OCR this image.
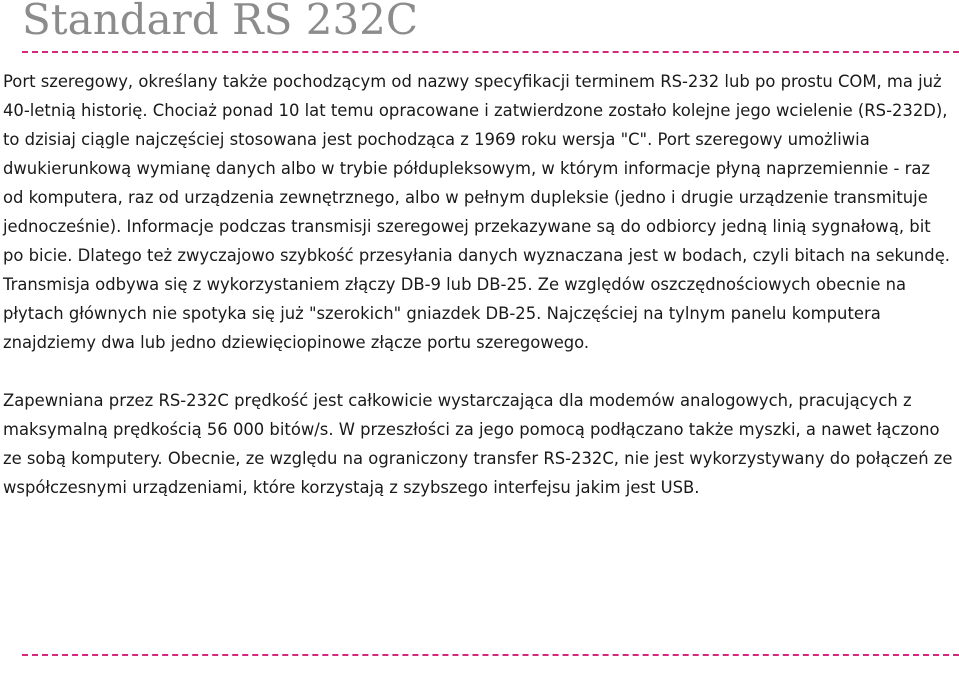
Standard RS 232C

Port szeregowy, określany także pochodzącym od nazwy specyfikacji terminem RS-232 lub po prostu COM, ma już 40-letnią historię. Chociaż ponad 10 lat temu opracowane i zatwierdzone zostało kolejne jego wcielenie (RS-232D), to dzisiaj ciągle najczęściej stosowana jest pochodząca z 1969 roku wersja "C". Port szeregowy umożliwia dwukierunkową wymianę danych albo w trybie półdupleksowym, w którym informacje płyną naprzemiennie - raz od komputera, raz od urządzenia zewnętrznego, albo w pełnym dupleksie (jedno i drugie urządzenie transmituje jednocześnie). Informacje podczas transmisji szeregowej przekazywane są do odbiorcy jedną linią sygnałową, bit po bicie. Dlatego też zwyczajowo szybkość przesyłania danych wyznaczana jest w bodach, czyli bitach na sekundę. Transmisja odbywa się z wykorzystaniem złączy DB-9 lub DB-25. Ze względów oszczędnościowych obecnie na płytach głównych nie spotyka się już "szerokich" gniazdek DB-25. Najczęściej na tylnym panelu komputera znajdziemy dwa lub jedno dziewięciopinowe złącze portu szeregowego.

Zapewniana przez RS-232C prędkość jest całkowicie wystarczająca dla modemów analogowych, pracujących z maksymalną prędkością 56 000 bitów/s. W przeszłości za jego pomocą podłączano także myszki, a nawet łączono ze sobą komputery. Obecnie, ze względu na ograniczony transfer RS-232C, nie jest wykorzystywany do połączeń ze współczesnymi urządzeniami, które korzystają z szybszego interfejsu jakim jest USB.
